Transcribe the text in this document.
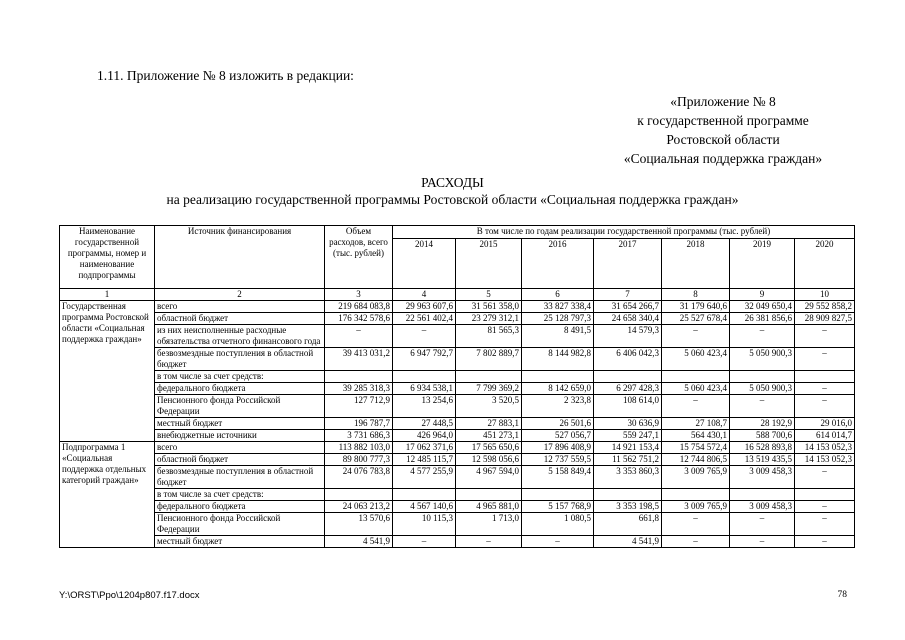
1.11. Приложение № 8 изложить в редакции:
«Приложение № 8
к государственной программе
Ростовской области
«Социальная поддержка граждан»
РАСХОДЫ
на реализацию государственной программы Ростовской области «Социальная поддержка граждан»
Наименование государственной программы, номер и наименование подпрограммы	Источник финансирования	Объем расходов, всего (тыс. рублей)	В том числе по годам реализации государственной программы (тыс. рублей)						
			2014	2015	2016	2017	2018	2019	2020
1	2	3	4	5	6	7	8	9	10
Государственная программа Ростовской области «Социальная поддержка граждан»	всего	219 684 083,8	29 963 607,6	31 561 358,0	33 827 338,4	31 654 266,7	31 179 640,6	32 049 650,4	29 552 858,2
	областной бюджет	176 342 578,6	22 561 402,4	23 279 312,1	25 128 797,3	24 658 340,4	25 527 678,4	26 381 856,6	28 909 827,5
	из них неисполненные расходные обязательства отчетного финансового года	–	–	81 565,3	8 491,5	14 579,3	–	–	–
	безвозмездные поступления в областной бюджет	39 413 031,2	6 947 792,7	7 802 889,7	8 144 982,8	6 406 042,3	5 060 423,4	5 050 900,3	–
	в том числе за счет средств:								
	федерального бюджета	39 285 318,3	6 934 538,1	7 799 369,2	8 142 659,0	6 297 428,3	5 060 423,4	5 050 900,3	–
	Пенсионного фонда Российской Федерации	127 712,9	13 254,6	3 520,5	2 323,8	108 614,0	–	–	–
	местный бюджет	196 787,7	27 448,5	27 883,1	26 501,6	30 636,9	27 108,7	28 192,9	29 016,0
	внебюджетные источники	3 731 686,3	426 964,0	451 273,1	527 056,7	559 247,1	564 430,1	588 700,6	614 014,7
Подпрограмма 1 «Социальная поддержка отдельных категорий граждан»	всего	113 882 103,0	17 062 371,6	17 565 650,6	17 896 408,9	14 921 153,4	15 754 572,4	16 528 893,8	14 153 052,3
	областной бюджет	89 800 777,3	12 485 115,7	12 598 056,6	12 737 559,5	11 562 751,2	12 744 806,5	13 519 435,5	14 153 052,3
	безвозмездные поступления в областной бюджет	24 076 783,8	4 577 255,9	4 967 594,0	5 158 849,4	3 353 860,3	3 009 765,9	3 009 458,3	–
	в том числе за счет средств:								
	федерального бюджета	24 063 213,2	4 567 140,6	4 965 881,0	5 157 768,9	3 353 198,5	3 009 765,9	3 009 458,3	–
	Пенсионного фонда Российской Федерации	13 570,6	10 115,3	1 713,0	1 080,5	661,8	–	–	–
	местный бюджет	4 541,9	–	–	–	4 541,9	–	–	–
Y:\ORST\Ppo\1204p807.f17.docx	78
